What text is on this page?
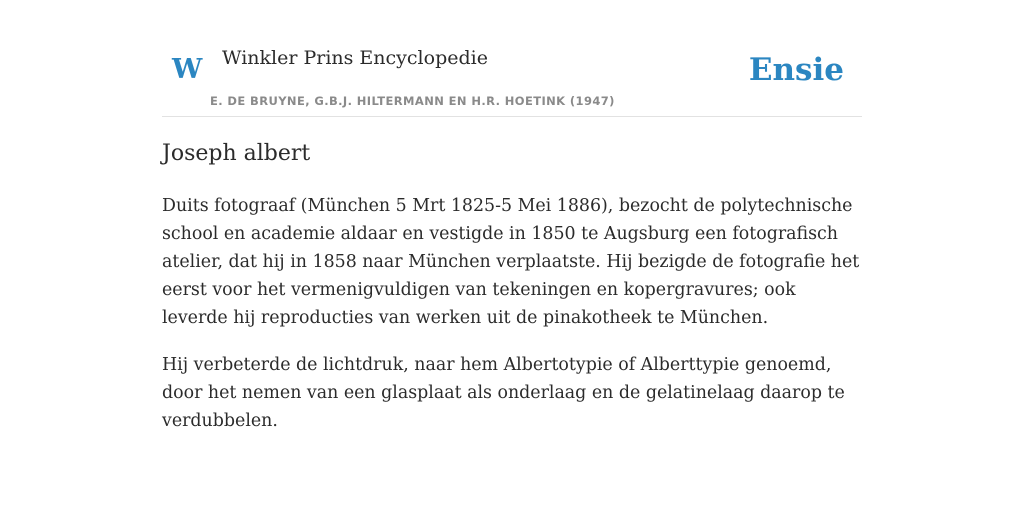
W Winkler Prins Encyclopedie
E. DE BRUYNE, G.B.J. HILTERMANN EN H.R. HOETINK (1947)
Ensie
Joseph albert

Duits fotograaf (München 5 Mrt 1825-5 Mei 1886), bezocht de polytechnische school en academie aldaar en vestigde in 1850 te Augsburg een fotografisch atelier, dat hij in 1858 naar München verplaatste. Hij bezigde de fotografie het eerst voor het vermenigvuldigen van tekeningen en kopergravures; ook leverde hij reproducties van werken uit de pinakotheek te München.

Hij verbeterde de lichtdruk, naar hem Albertotypie of Alberttypie genoemd, door het nemen van een glasplaat als onderlaag en de gelatinelaag daarop te verdubbelen.
